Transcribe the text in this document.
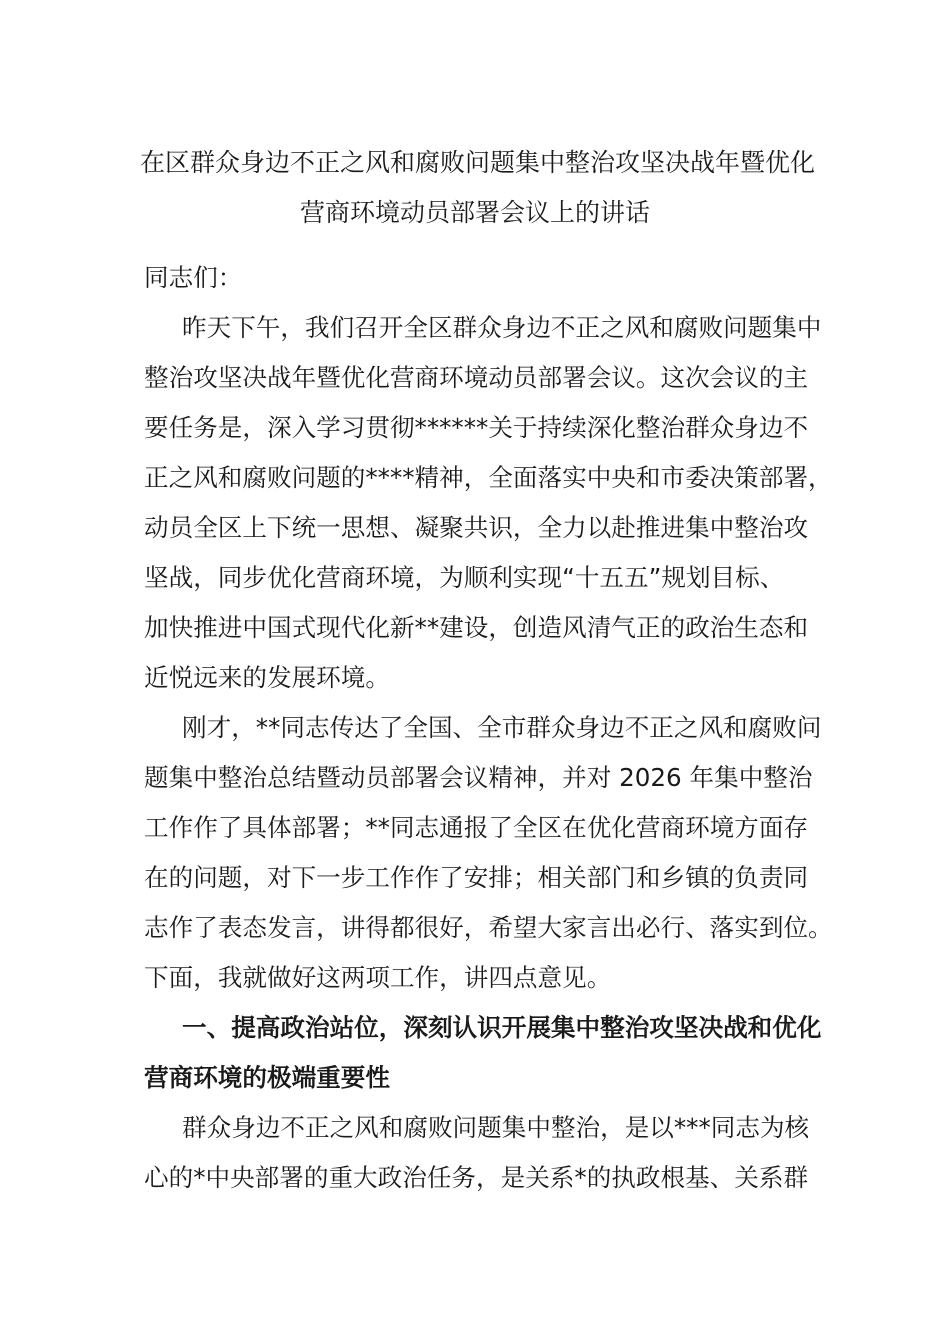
在区群众身边不正之风和腐败问题集中整治攻坚决战年暨优化
营商环境动员部署会议上的讲话
同志们：
昨天下午，我们召开全区群众身边不正之风和腐败问题集中
整治攻坚决战年暨优化营商环境动员部署会议。这次会议的主
要任务是，深入学习贯彻******关于持续深化整治群众身边不
正之风和腐败问题的****精神，全面落实中央和市委决策部署，
动员全区上下统一思想、凝聚共识，全力以赴推进集中整治攻
坚战，同步优化营商环境，为顺利实现“十五五”规划目标、
加快推进中国式现代化新**建设，创造风清气正的政治生态和
近悦远来的发展环境。
刚才，**同志传达了全国、全市群众身边不正之风和腐败问
题集中整治总结暨动员部署会议精神，并对 2026 年集中整治
工作作了具体部署；**同志通报了全区在优化营商环境方面存
在的问题，对下一步工作作了安排；相关部门和乡镇的负责同
志作了表态发言，讲得都很好，希望大家言出必行、落实到位。
下面，我就做好这两项工作，讲四点意见。
一、提高政治站位，深刻认识开展集中整治攻坚决战和优化
营商环境的极端重要性
群众身边不正之风和腐败问题集中整治，是以***同志为核
心的*中央部署的重大政治任务，是关系*的执政根基、关系群
